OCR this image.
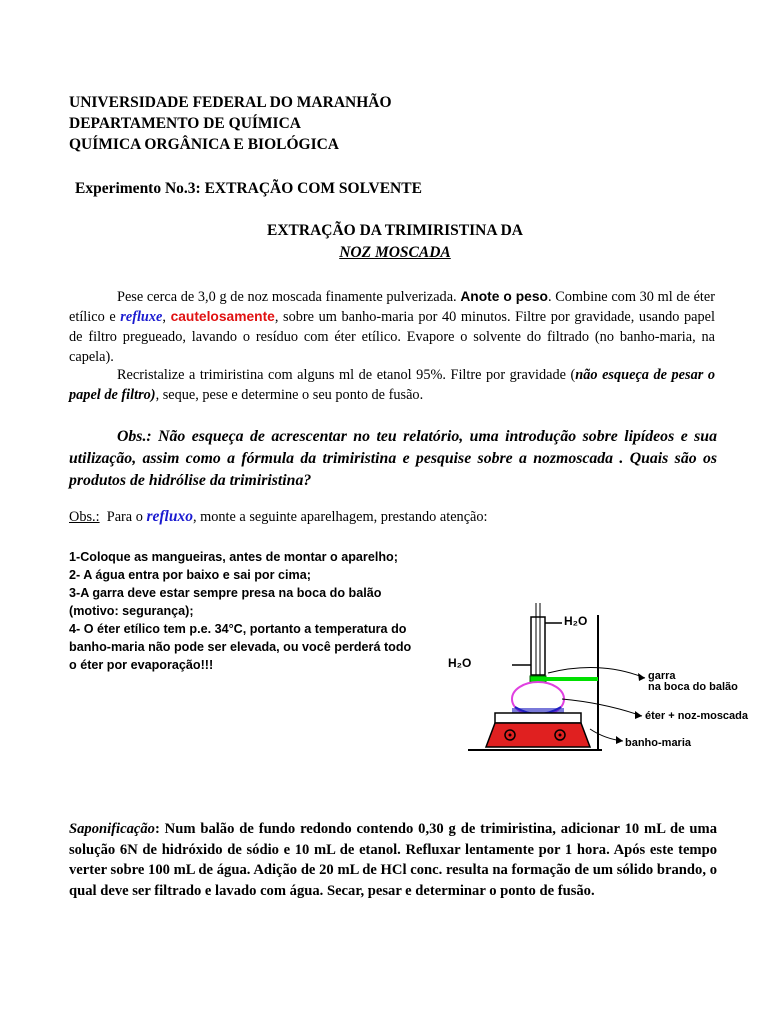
UNIVERSIDADE FEDERAL DO MARANHÃO
DEPARTAMENTO DE QUÍMICA
QUÍMICA ORGÂNICA E BIOLÓGICA
Experimento No.3: EXTRAÇÃO COM SOLVENTE
EXTRAÇÃO DA TRIMIRISTINA DA
NOZ MOSCADA
Pese cerca de 3,0 g de noz moscada finamente pulverizada. Anote o peso. Combine com 30 ml de éter etílico e refluxe, cautelosamente, sobre um banho-maria por 40 minutos. Filtre por gravidade, usando papel de filtro pregueado, lavando o resíduo com éter etílico. Evapore o solvente do filtrado (no banho-maria, na capela).
Recristalize a trimiristina com alguns ml de etanol 95%. Filtre por gravidade (não esqueça de pesar o papel de filtro), seque, pese e determine o seu ponto de fusão.
Obs.: Não esqueça de acrescentar no teu relatório, uma introdução sobre lipídeos e sua utilização, assim como a fórmula da trimiristina e pesquise sobre a nozmoscada . Quais são os produtos de hidrólise da trimiristina?
Obs.:  Para o refluxo, monte a seguinte aparelhagem, prestando atenção:
1-Coloque as mangueiras, antes de montar o aparelho;
2- A água entra por baixo e sai por cima;
3-A garra deve estar sempre presa na boca do balão
(motivo: segurança);
4- O éter etílico tem p.e. 34°C, portanto a temperatura do
banho-maria não pode ser elevada, ou você perderá todo
o éter por evaporação!!!
H₂O
H₂O
garra
na boca do balão
éter + noz-moscada
banho-maria
Saponificação: Num balão de fundo redondo contendo 0,30 g de trimiristina, adicionar 10 mL de uma solução 6N de hidróxido de sódio e 10 mL de etanol. Refluxar lentamente por 1 hora. Após este tempo verter sobre 100 mL de água. Adição de 20 mL de HCl conc. resulta na formação de um sólido brando, o qual deve ser filtrado e lavado com água. Secar, pesar e determinar o ponto de fusão.
